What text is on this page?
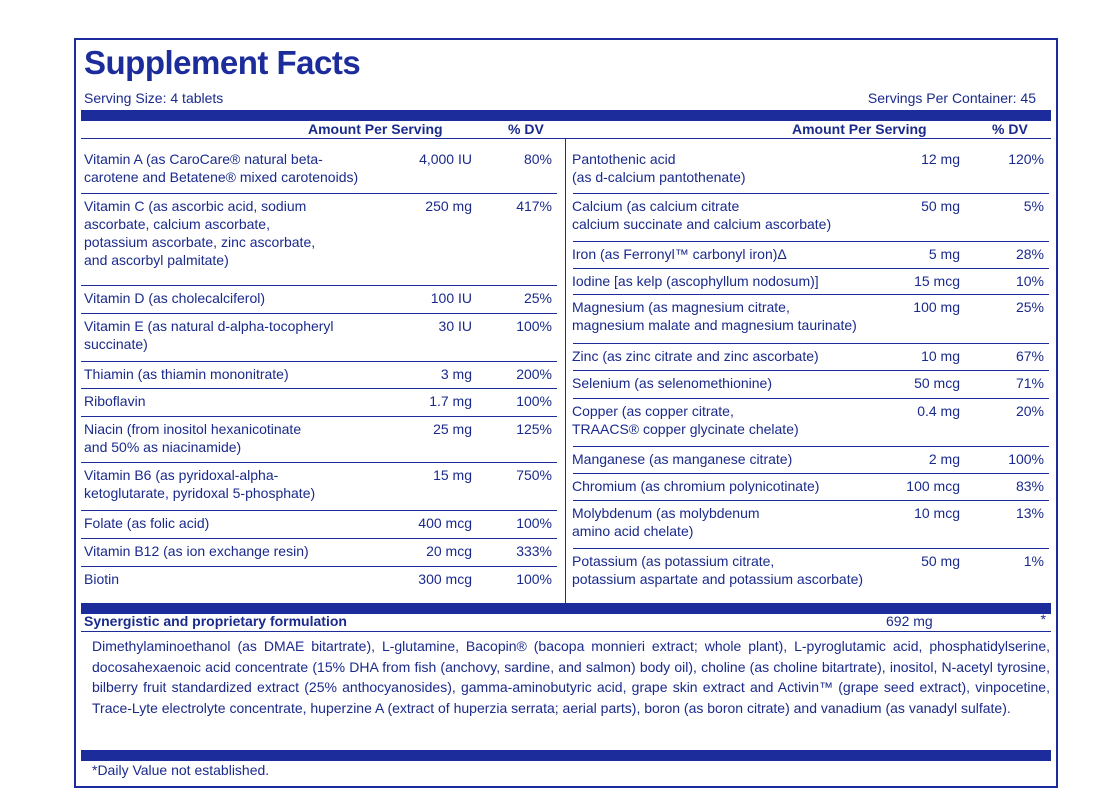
Supplement Facts
Serving Size: 4 tablets	Servings Per Container: 45
Amount Per Serving	% DV	Amount Per Serving	% DV
Vitamin A (as CaroCare® natural beta-
carotene and Betatene® mixed carotenoids)
4,000 IU	80%
Vitamin C (as ascorbic acid, sodium
ascorbate, calcium ascorbate,
potassium ascorbate, zinc ascorbate,
and ascorbyl palmitate)
250 mg	417%
Vitamin D (as cholecalciferol)	100 IU	25%
Vitamin E (as natural d-alpha-tocopheryl
succinate)
30 IU	100%
Thiamin (as thiamin mononitrate)	3 mg	200%
Riboflavin	1.7 mg	100%
Niacin (from inositol hexanicotinate
and 50% as niacinamide)
25 mg	125%
Vitamin B6 (as pyridoxal-alpha-
ketoglutarate, pyridoxal 5-phosphate)
15 mg	750%
Folate (as folic acid)	400 mcg	100%
Vitamin B12 (as ion exchange resin)	20 mcg	333%
Biotin	300 mcg	100%
Pantothenic acid
(as d-calcium pantothenate)
12 mg	120%
Calcium (as calcium citrate
calcium succinate and calcium ascorbate)
50 mg	5%
Iron (as Ferronyl™ carbonyl iron)Δ	5 mg	28%
Iodine [as kelp (ascophyllum nodosum)]	15 mcg	10%
Magnesium (as magnesium citrate,
magnesium malate and magnesium taurinate)
100 mg	25%
Zinc (as zinc citrate and zinc ascorbate)	10 mg	67%
Selenium (as selenomethionine)	50 mcg	71%
Copper (as copper citrate,
TRAACS® copper glycinate chelate)
0.4 mg	20%
Manganese (as manganese citrate)	2 mg	100%
Chromium (as chromium polynicotinate)	100 mcg	83%
Molybdenum (as molybdenum
amino acid chelate)
10 mcg	13%
Potassium (as potassium citrate,
potassium aspartate and potassium ascorbate)
50 mg	1%
Synergistic and proprietary formulation	692 mg	*
Dimethylaminoethanol (as DMAE bitartrate), L-glutamine, Bacopin® (bacopa monnieri extract; whole plant), L-pyroglutamic acid, phosphatidylserine, docosahexaenoic acid concentrate (15% DHA from fish (anchovy, sardine, and salmon) body oil), choline (as choline bitartrate), inositol, N-acetyl tyrosine, bilberry fruit standardized extract (25% anthocyanosides), gamma-aminobutyric acid, grape skin extract and Activin™ (grape seed extract), vinpocetine, Trace-Lyte electrolyte concentrate, huperzine A (extract of huperzia serrata; aerial parts), boron (as boron citrate) and vanadium (as vanadyl sulfate).
*Daily Value not established.
